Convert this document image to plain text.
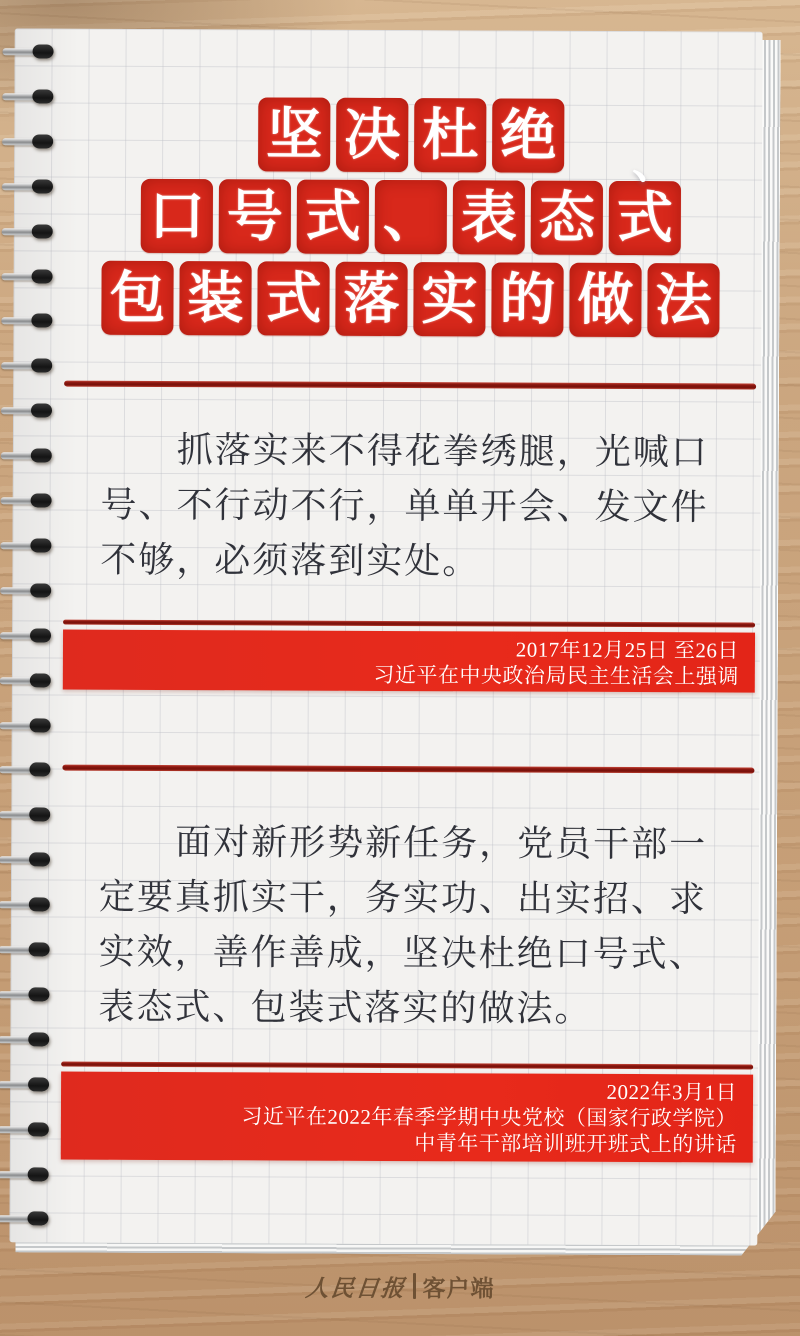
坚 决 杜 绝
口 号 式 、 表 态 式
包 装 式 落 实 的 做 法
、

抓落实来不得花拳绣腿，光喊口号、不行动不行，单单开会、发文件不够，必须落到实处。

2017年12月25日 至26日
习近平在中央政治局民主生活会上强调

面对新形势新任务，党员干部一定要真抓实干，务实功、出实招、求实效，善作善成，坚决杜绝口号式、表态式、包装式落实的做法。

2022年3月1日
习近平在2022年春季学期中央党校（国家行政学院）
中青年干部培训班开班式上的讲话
人民日报 客户端
